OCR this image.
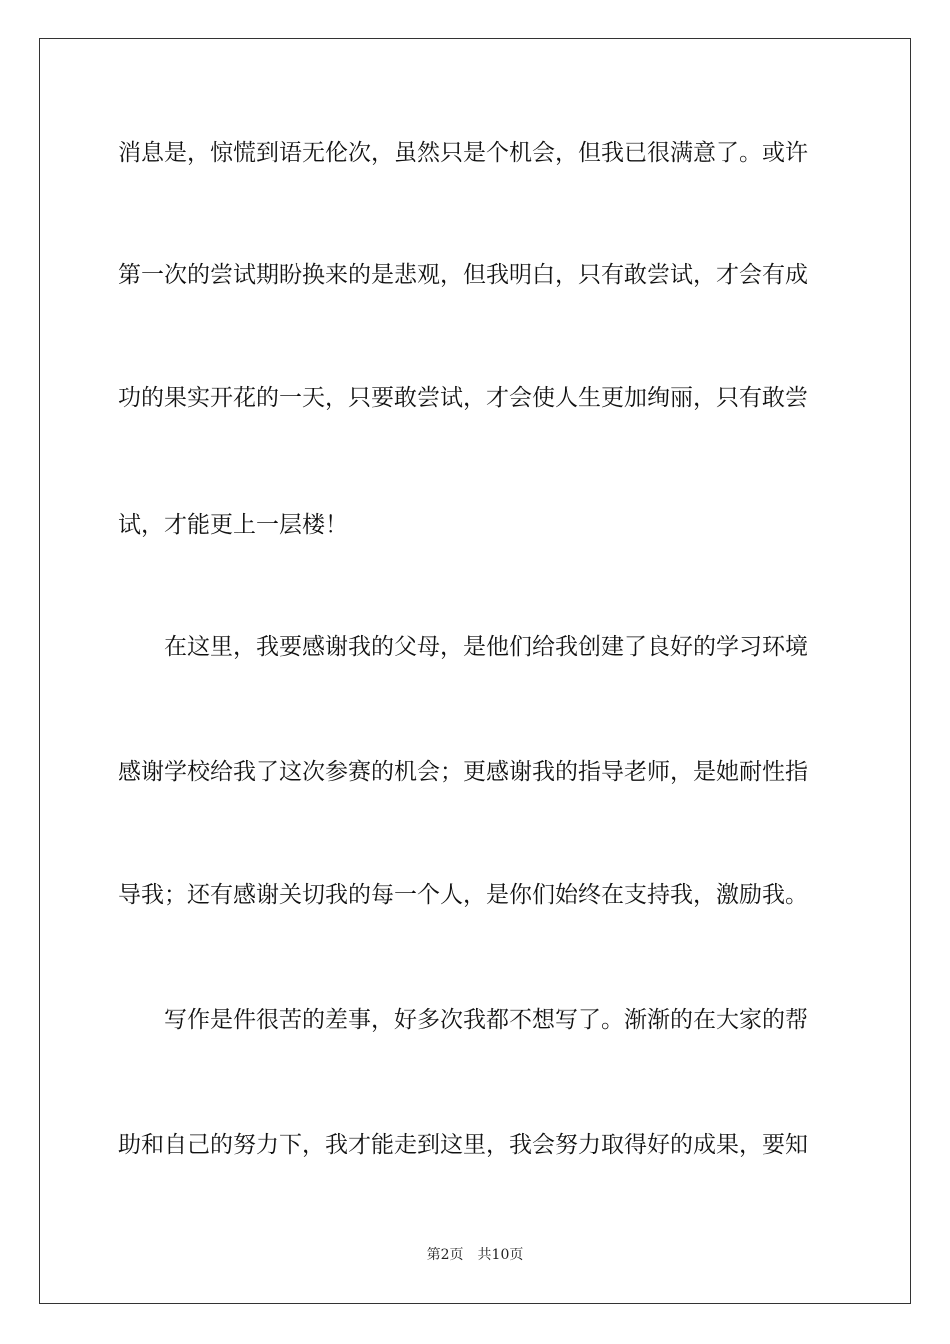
消息是，惊慌到语无伦次，虽然只是个机会，但我已很满意了。或许
第一次的尝试期盼换来的是悲观，但我明白，只有敢尝试，才会有成
功的果实开花的一天，只要敢尝试，才会使人生更加绚丽，只有敢尝
试，才能更上一层楼！
在这里，我要感谢我的父母，是他们给我创建了良好的学习环境
感谢学校给我了这次参赛的机会；更感谢我的指导老师，是她耐性指
导我；还有感谢关切我的每一个人，是你们始终在支持我，激励我。
写作是件很苦的差事，好多次我都不想写了。渐渐的在大家的帮
助和自己的努力下，我才能走到这里，我会努力取得好的成果，要知
第2页 共10页
